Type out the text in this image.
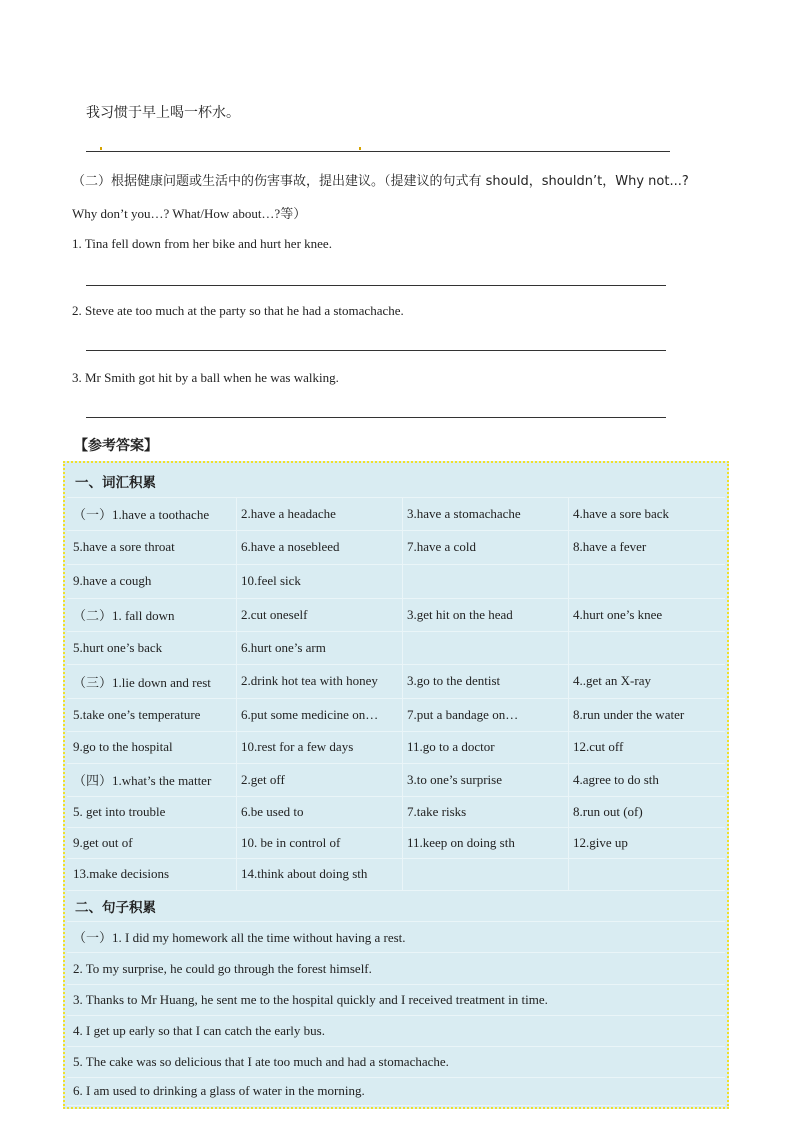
我习惯于早上喝一杯水。
（二）根据健康问题或生活中的伤害事故，提出建议。（提建议的句式有 should，shouldn’t，Why not...?
Why don’t you…? What/How about…?等）
1. Tina fell down from her bike and hurt her knee.
2. Steve ate too much at the party so that he had a stomachache.
3. Mr Smith got hit by a ball when he was walking.
【参考答案】
一、词汇积累
（一）1.have a toothache	2.have a headache	3.have a stomachache	4.have a sore back
5.have a sore throat	6.have a nosebleed	7.have a cold	8.have a fever
9.have a cough	10.feel sick
（二）1. fall down	2.cut oneself	3.get hit on the head	4.hurt one’s knee
5.hurt one’s back	6.hurt one’s arm
（三）1.lie down and rest	2.drink hot tea with honey	3.go to the dentist	4..get an X-ray
5.take one’s temperature	6.put some medicine on…	7.put a bandage on…	8.run under the water
9.go to the hospital	10.rest for a few days	11.go to a doctor	12.cut off
（四）1.what’s the matter	2.get off	3.to one’s surprise	4.agree to do sth
5. get into trouble	6.be used to	7.take risks	8.run out (of)
9.get out of	10. be in control of	11.keep on doing sth	12.give up
13.make decisions	14.think about doing sth
二、句子积累
（一）1. I did my homework all the time without having a rest.
2. To my surprise, he could go through the forest himself.
3. Thanks to Mr Huang, he sent me to the hospital quickly and I received treatment in time.
4. I get up early so that I can catch the early bus.
5. The cake was so delicious that I ate too much and had a stomachache.
6. I am used to drinking a glass of water in the morning.
